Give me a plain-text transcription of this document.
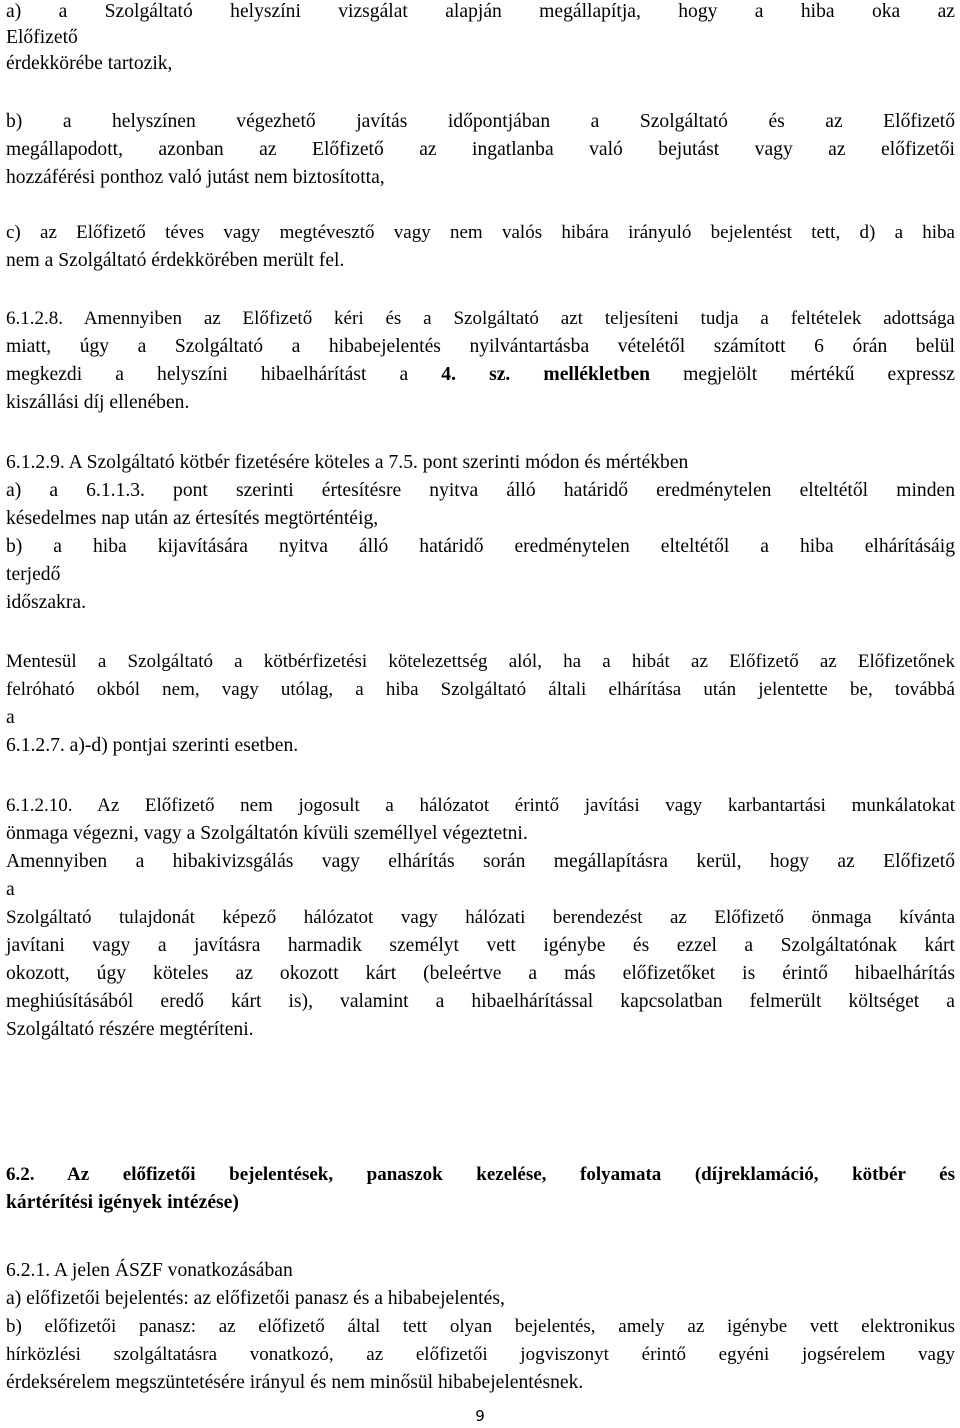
a) a Szolgáltató helyszíni vizsgálat alapján megállapítja, hogy a hiba oka az
Előfizető
érdekkörébe tartozik,
b) a helyszínen végezhető javítás időpontjában a Szolgáltató és az Előfizető
megállapodott, azonban az Előfizető az ingatlanba való bejutást vagy az előfizetői
hozzáférési ponthoz való jutást nem biztosította,
c) az Előfizető téves vagy megtévesztő vagy nem valós hibára irányuló bejelentést tett, d) a hiba
nem a Szolgáltató érdekkörében merült fel.
6.1.2.8. Amennyiben az Előfizető kéri és a Szolgáltató azt teljesíteni tudja a feltételek adottsága
miatt, úgy a Szolgáltató a hibabejelentés nyilvántartásba vételétől számított 6 órán belül
megkezdi a helyszíni hibaelhárítást a 4. sz. mellékletben megjelölt mértékű expressz
kiszállási díj ellenében.
6.1.2.9. A Szolgáltató kötbér fizetésére köteles a 7.5. pont szerinti módon és mértékben
a) a 6.1.1.3. pont szerinti értesítésre nyitva álló határidő eredménytelen elteltétől minden
késedelmes nap után az értesítés megtörténtéig,
b) a hiba kijavítására nyitva álló határidő eredménytelen elteltétől a hiba elhárításáig
terjedő
időszakra.
Mentesül a Szolgáltató a kötbérfizetési kötelezettség alól, ha a hibát az Előfizető az Előfizetőnek
felróható okból nem, vagy utólag, a hiba Szolgáltató általi elhárítása után jelentette be, továbbá
a
6.1.2.7. a)-d) pontjai szerinti esetben.
6.1.2.10. Az Előfizető nem jogosult a hálózatot érintő javítási vagy karbantartási munkálatokat
önmaga végezni, vagy a Szolgáltatón kívüli személlyel végeztetni.
Amennyiben a hibakivizsgálás vagy elhárítás során megállapításra kerül, hogy az Előfizető
a
Szolgáltató tulajdonát képező hálózatot vagy hálózati berendezést az Előfizető önmaga kívánta
javítani vagy a javításra harmadik személyt vett igénybe és ezzel a Szolgáltatónak kárt
okozott, úgy köteles az okozott kárt (beleértve a más előfizetőket is érintő hibaelhárítás
meghiúsításából eredő kárt is), valamint a hibaelhárítással kapcsolatban felmerült költséget a
Szolgáltató részére megtéríteni.
6.2. Az előfizetői bejelentések, panaszok kezelése, folyamata (díjreklamáció, kötbér és
kártérítési igények intézése)
6.2.1. A jelen ÁSZF vonatkozásában
a) előfizetői bejelentés: az előfizetői panasz és a hibabejelentés,
b) előfizetői panasz: az előfizető által tett olyan bejelentés, amely az igénybe vett elektronikus
hírközlési szolgáltatásra vonatkozó, az előfizetői jogviszonyt érintő egyéni jogsérelem vagy
érdeksérelem megszüntetésére irányul és nem minősül hibabejelentésnek.
9
